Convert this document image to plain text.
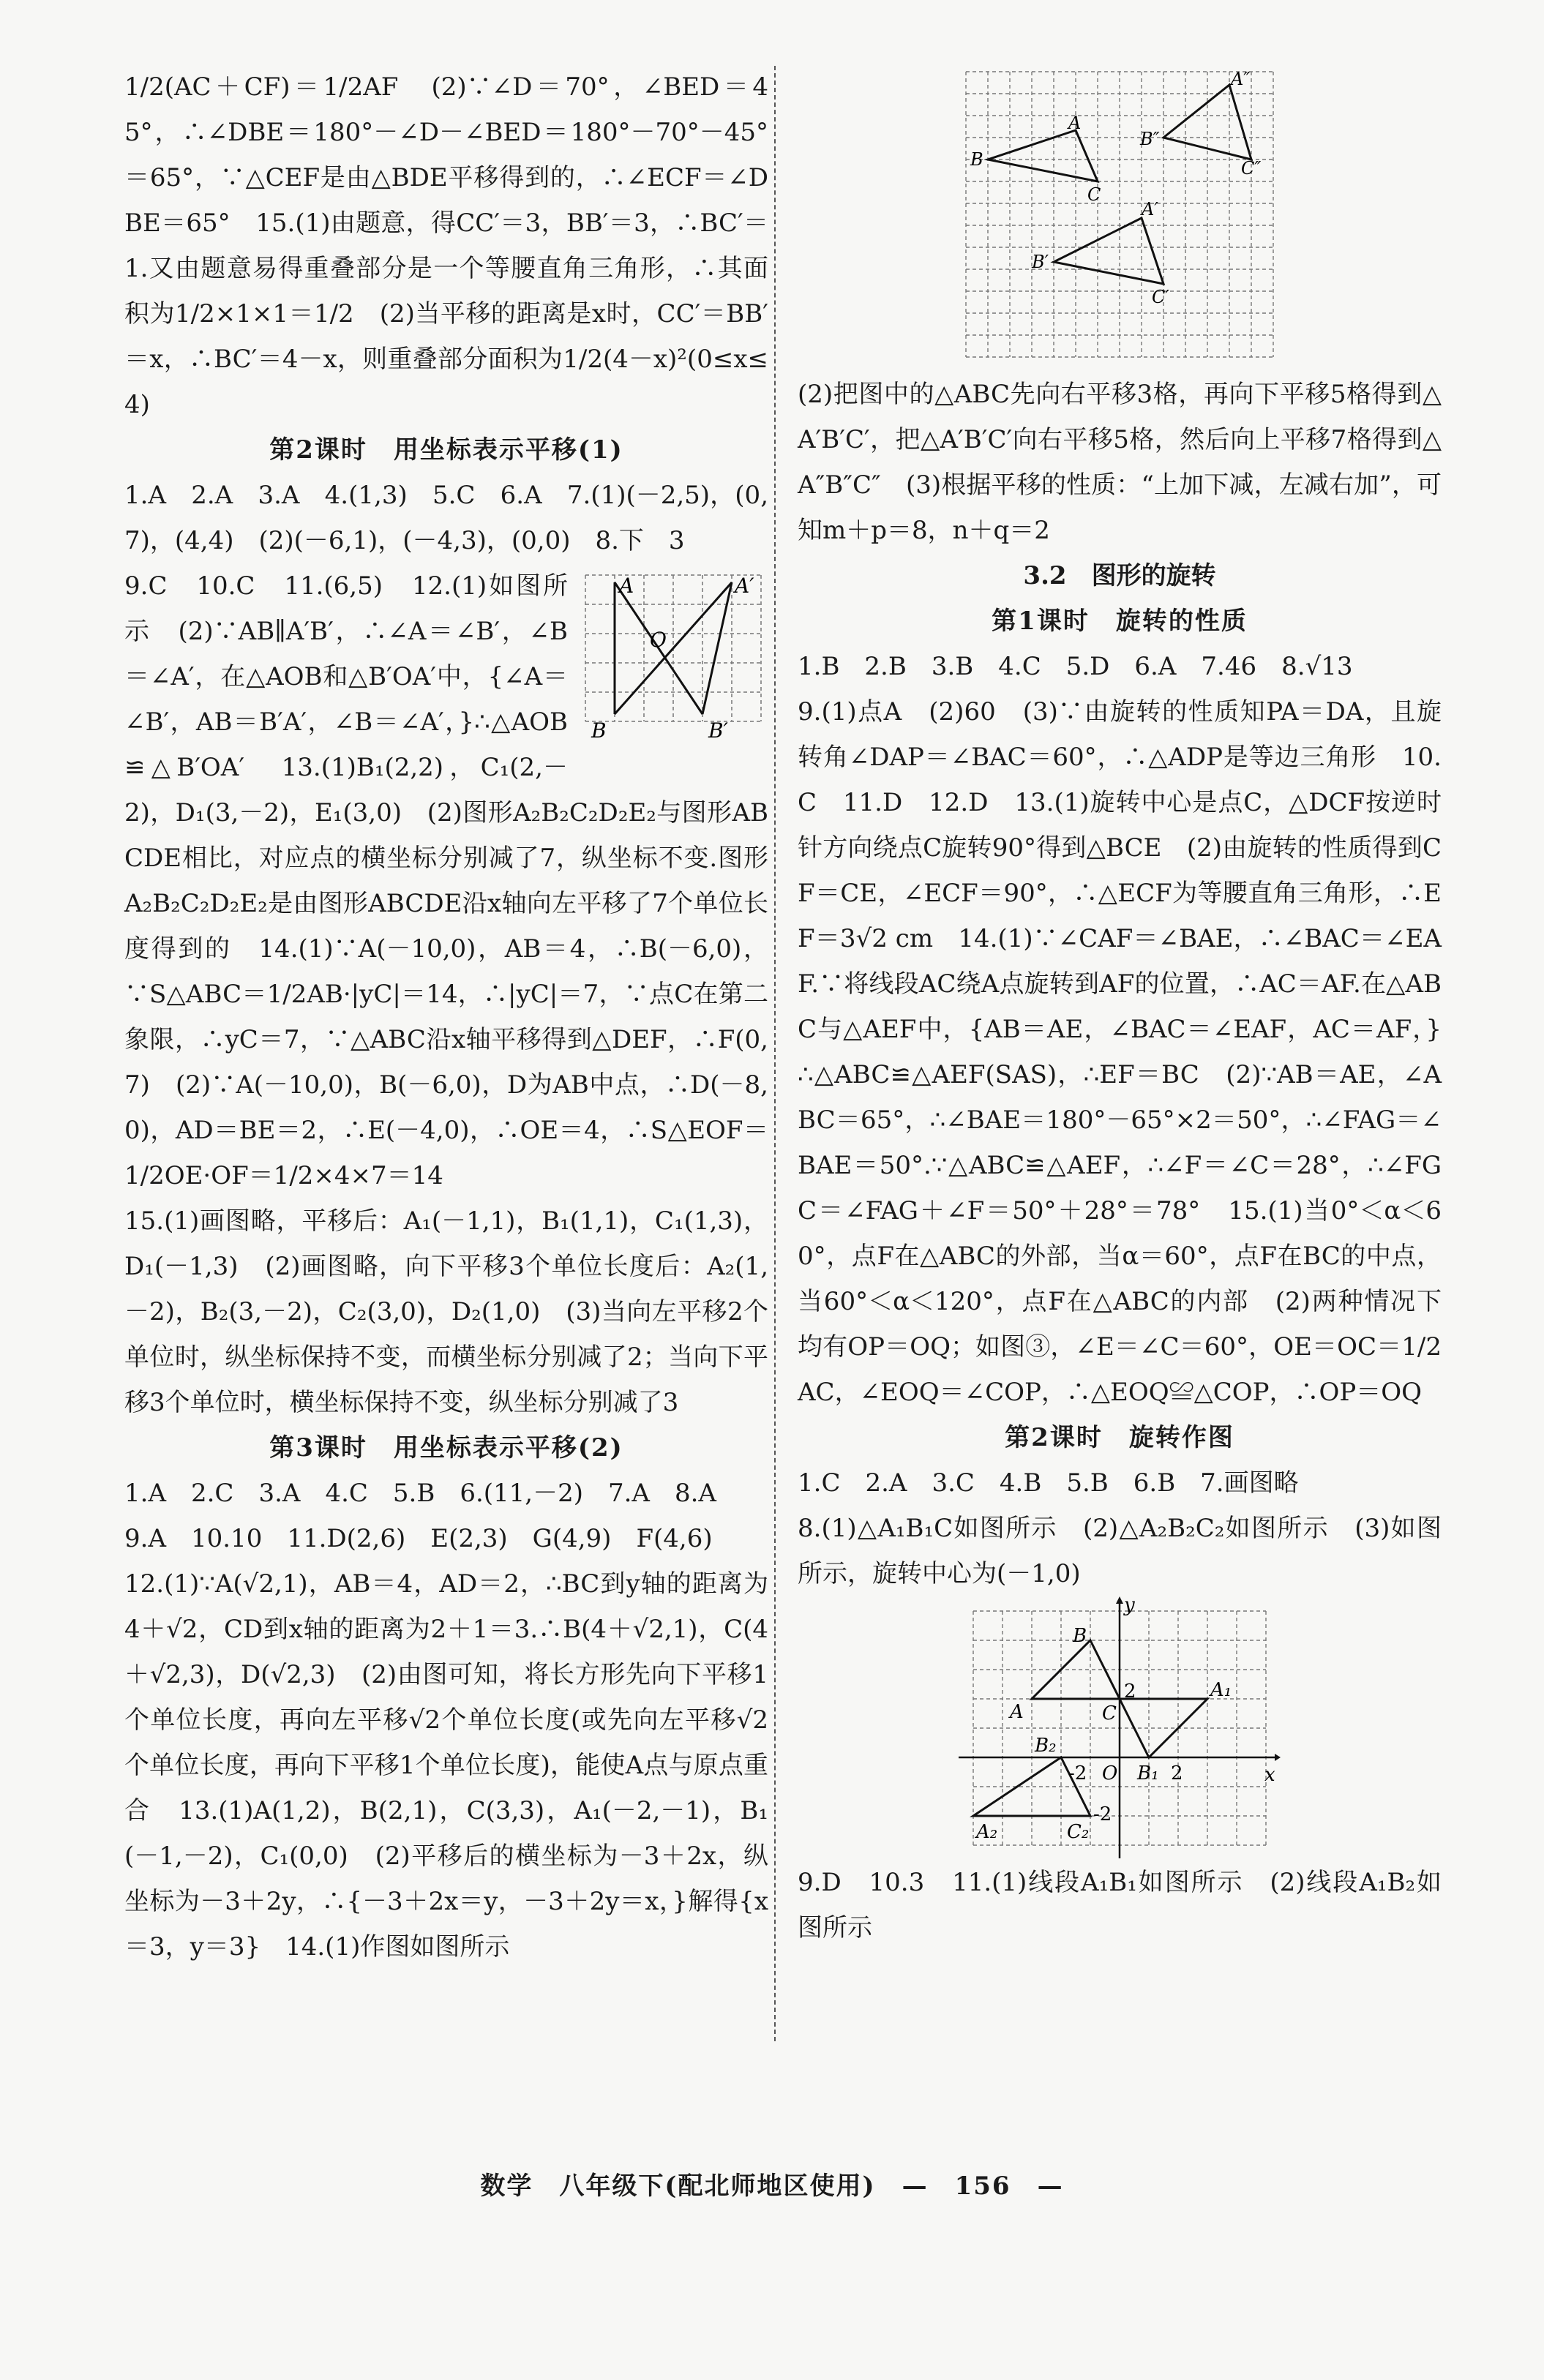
1/2(AC＋CF)＝1/2AF　(2)∵∠D＝70°，∠BED＝45°，∴∠DBE＝180°－∠D－∠BED＝180°－70°－45°＝65°，∵△CEF是由△BDE平移得到的，∴∠ECF＝∠DBE＝65°　15.(1)由题意，得CC′＝3，BB′＝3，∴BC′＝1.又由题意易得重叠部分是一个等腰直角三角形，∴其面积为1/2×1×1＝1/2　(2)当平移的距离是x时，CC′＝BB′＝x，∴BC′＝4－x，则重叠部分面积为1/2(4－x)²(0≤x≤4)

第2课时　用坐标表示平移(1)

1.A　2.A　3.A　4.(1,3)　5.C　6.A　7.(1)(－2,5)，(0,7)，(4,4)　(2)(－6,1)，(－4,3)，(0,0)　8.下　3

A	A′
O
B	B′

9.C　10.C　11.(6,5)　12.(1)如图所示　(2)∵AB∥A′B′，∴∠A＝∠B′，∠B＝∠A′，在△AOB和△B′OA′中，{∠A＝∠B′，AB＝B′A′，∠B＝∠A′，}∴△AOB≌△B′OA′　13.(1)B₁(2,2)，C₁(2,－2)，D₁(3,－2)，E₁(3,0)　(2)图形A₂B₂C₂D₂E₂与图形ABCDE相比，对应点的横坐标分别减了7，纵坐标不变.图形A₂B₂C₂D₂E₂是由图形ABCDE沿x轴向左平移了7个单位长度得到的　14.(1)∵A(－10,0)，AB＝4，∴B(－6,0)，∵S△ABC＝1/2AB·|yC|＝14，∴|yC|＝7，∵点C在第二象限，∴yC＝7，∵△ABC沿x轴平移得到△DEF，∴F(0,7)　(2)∵A(－10,0)，B(－6,0)，D为AB中点，∴D(－8,0)，AD＝BE＝2，∴E(－4,0)，∴OE＝4，∴S△EOF＝1/2OE·OF＝1/2×4×7＝14

15.(1)画图略，平移后：A₁(－1,1)，B₁(1,1)，C₁(1,3)，D₁(－1,3)　(2)画图略，向下平移3个单位长度后：A₂(1,－2)，B₂(3,－2)，C₂(3,0)，D₂(1,0)　(3)当向左平移2个单位时，纵坐标保持不变，而横坐标分别减了2；当向下平移3个单位时，横坐标保持不变，纵坐标分别减了3

第3课时　用坐标表示平移(2)

1.A　2.C　3.A　4.C　5.B　6.(11,－2)　7.A　8.A

9.A　10.10　11.D(2,6)　E(2,3)　G(4,9)　F(4,6)

12.(1)∵A(√2,1)，AB＝4，AD＝2，∴BC到y轴的距离为4＋√2，CD到x轴的距离为2＋1＝3.∴B(4＋√2,1)，C(4＋√2,3)，D(√2,3)　(2)由图可知，将长方形先向下平移1个单位长度，再向左平移√2个单位长度(或先向左平移√2个单位长度，再向下平移1个单位长度)，能使A点与原点重合　13.(1)A(1,2)，B(2,1)，C(3,3)，A₁(－2,－1)，B₁(－1,－2)，C₁(0,0)　(2)平移后的横坐标为－3＋2x，纵坐标为－3＋2y，∴{－3＋2x＝y，－3＋2y＝x，}解得{x＝3，y＝3}　14.(1)作图如图所示

A″
B″
C″
A
B
C
A′
B′
C′

(2)把图中的△ABC先向右平移3格，再向下平移5格得到△A′B′C′，把△A′B′C′向右平移5格，然后向上平移7格得到△A″B″C″　(3)根据平移的性质：“上加下减，左减右加”，可知m＋p＝8，n＋q＝2

3.2　图形的旋转

第1课时　旋转的性质

1.B　2.B　3.B　4.C　5.D　6.A　7.46　8.√13

9.(1)点A　(2)60　(3)∵由旋转的性质知PA＝DA，且旋转角∠DAP＝∠BAC＝60°，∴△ADP是等边三角形　10.C　11.D　12.D　13.(1)旋转中心是点C，△DCF按逆时针方向绕点C旋转90°得到△BCE　(2)由旋转的性质得到CF＝CE，∠ECF＝90°，∴△ECF为等腰直角三角形，∴EF＝3√2 cm　14.(1)∵∠CAF＝∠BAE，∴∠BAC＝∠EAF.∵将线段AC绕A点旋转到AF的位置，∴AC＝AF.在△ABC与△AEF中，{AB＝AE，∠BAC＝∠EAF，AC＝AF，}∴△ABC≌△AEF(SAS)，∴EF＝BC　(2)∵AB＝AE，∠ABC＝65°，∴∠BAE＝180°－65°×2＝50°，∴∠FAG＝∠BAE＝50°.∵△ABC≌△AEF，∴∠F＝∠C＝28°，∴∠FGC＝∠FAG＋∠F＝50°＋28°＝78°　15.(1)当0°＜α＜60°，点F在△ABC的外部，当α＝60°，点F在BC的中点，当60°＜α＜120°，点F在△ABC的内部　(2)两种情况下均有OP＝OQ；如图③，∠E＝∠C＝60°，OE＝OC＝1/2AC，∠EOQ＝∠COP，∴△EOQ≌△COP，∴OP＝OQ

第2课时　旋转作图

1.C　2.A　3.C　4.B　5.B　6.B　7.画图略

8.(1)△A₁B₁C如图所示　(2)△A₂B₂C₂如图所示　(3)如图所示，旋转中心为(－1,0)

y
x
O
B
A	C
A₁
B₂
A₂	C₂
B₁
2
-2	2
-2

9.D　10.3　11.(1)线段A₁B₁如图所示　(2)线段A₁B₂如图所示

数学　八年级下(配北师地区使用)　—　156　—
